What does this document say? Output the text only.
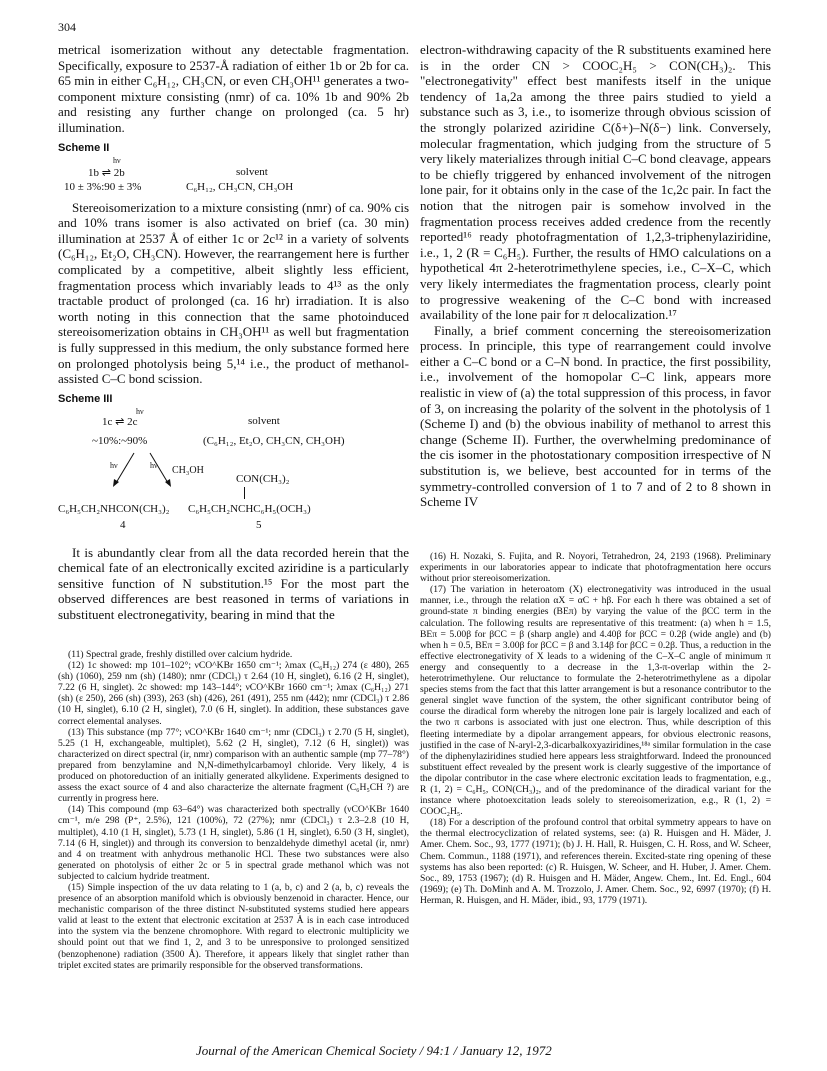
304

metrical isomerization without any detectable fragmentation. Specifically, exposure to 2537-Å radiation of either 1b or 2b for ca. 65 min in either C₆H₁₂, CH₃CN, or even CH₃OH¹¹ generates a two-component mixture consisting (nmr) of ca. 10% 1b and 90% 2b and resisting any further change on prolonged (ca. 5 hr) illumination.

Scheme II
hν
1b ⇌ 2b	solvent
10 ± 3%:90 ± 3%	C₆H₁₂, CH₃CN, CH₃OH

Stereoisomerization to a mixture consisting (nmr) of ca. 90% cis and 10% trans isomer is also activated on brief (ca. 30 min) illumination at 2537 Å of either 1c or 2c¹² in a variety of solvents (C₆H₁₂, Et₂O, CH₃CN). However, the rearrangement here is further complicated by a competitive, albeit slightly less efficient, fragmentation process which invariably leads to 4¹³ as the only tractable product of prolonged (ca. 16 hr) irradiation. It is also worth noting in this connection that the same photoinduced stereoisomerization obtains in CH₃OH¹¹ as well but fragmentation is fully suppressed in this medium, the only substance formed here on prolonged photolysis being 5,¹⁴ i.e., the product of methanol-assisted C–C bond scission.

Scheme III
hν
1c ⇌ 2c	solvent
~10%:~90%	(C₆H₁₂, Et₂O, CH₃CN, CH₃OH)
hν	hν CH₃OH
CON(CH₃)₂
C₆H₅CH₂NHCON(CH₃)₂ C₆H₅CH₂NCHC₆H₅(OCH₃)
4	5

It is abundantly clear from all the data recorded herein that the chemical fate of an electronically excited aziridine is a particularly sensitive function of N substitution.¹⁵ For the most part the observed differences are best reasoned in terms of variations in substituent electronegativity, bearing in mind that the

(11) Spectral grade, freshly distilled over calcium hydride.

(12) 1c showed: mp 101–102°; νCO^KBr 1650 cm⁻¹; λmax (C₆H₁₂) 274 (ε 480), 265 (sh) (1060), 259 nm (sh) (1480); nmr (CDCl₃) τ 2.64 (10 H, singlet), 6.16 (2 H, singlet), 7.22 (6 H, singlet). 2c showed: mp 143–144°; νCO^KBr 1660 cm⁻¹; λmax (C₆H₁₂) 271 (sh) (ε 250), 266 (sh) (393), 263 (sh) (426), 261 (491), 255 nm (442); nmr (CDCl₃) τ 2.86 (10 H, singlet), 6.10 (2 H, singlet), 7.0 (6 H, singlet). In addition, these substances gave correct elemental analyses.

(13) This substance (mp 77°; νCO^KBr 1640 cm⁻¹; nmr (CDCl₃) τ 2.70 (5 H, singlet), 5.25 (1 H, exchangeable, multiplet), 5.62 (2 H, singlet), 7.12 (6 H, singlet)) was characterized on direct spectral (ir, nmr) comparison with an authentic sample (mp 77–78°) prepared from benzylamine and N,N-dimethylcarbamoyl chloride. Very likely, 4 is produced on photoreduction of an initially generated alkylidene. Experiments designed to assess the exact source of 4 and also characterize the alternate fragment (C₆H₅CH ?) are currently in progress here.

(14) This compound (mp 63–64°) was characterized both spectrally (νCO^KBr 1640 cm⁻¹, m/e 298 (P⁺, 2.5%), 121 (100%), 72 (27%); nmr (CDCl₃) τ 2.3–2.8 (10 H, multiplet), 4.10 (1 H, singlet), 5.73 (1 H, singlet), 5.86 (1 H, singlet), 6.50 (3 H, singlet), 7.14 (6 H, singlet)) and through its conversion to benzaldehyde dimethyl acetal (ir, nmr) and 4 on treatment with anhydrous methanolic HCl. These two substances were also generated on photolysis of either 2c or 5 in spectral grade methanol which was not subjected to calcium hydride treatment.

(15) Simple inspection of the uv data relating to 1 (a, b, c) and 2 (a, b, c) reveals the presence of an absorption manifold which is obviously benzenoid in character. Hence, our mechanistic comparison of the three distinct N-substituted systems studied here appears valid at least to the extent that electronic excitation at 2537 Å is in each case introduced into the system via the benzene chromophore. With regard to electronic multiplicity we should point out that we find 1, 2, and 3 to be unresponsive to prolonged sensitized (benzophenone) radiation (3500 Å). Therefore, it appears likely that singlet rather than triplet excited states are primarily responsible for the observed transformations.

electron-withdrawing capacity of the R substituents examined here is in the order CN > COOC₂H₅ > CON(CH₃)₂. This "electronegativity" effect best manifests itself in the unique tendency of 1a,2a among the three pairs studied to yield a substance such as 3, i.e., to isomerize through obvious scission of the strongly polarized aziridine C(δ+)–N(δ−) link. Conversely, molecular fragmentation, which judging from the structure of 5 very likely materializes through initial C–C bond cleavage, appears to be chiefly triggered by enhanced involvement of the nitrogen lone pair, for it obtains only in the case of the 1c,2c pair. In fact the notion that the nitrogen pair is somehow involved in the fragmentation process receives added credence from the recently reported¹⁶ ready photofragmentation of 1,2,3-triphenylaziridine, i.e., 1, 2 (R = C₆H₅). Further, the results of HMO calculations on a hypothetical 4π 2-heterotrimethylene species, i.e., C–X–C, which very likely intermediates the fragmentation process, clearly point to progressive weakening of the C–C bond with increased availability of the lone pair for π delocalization.¹⁷

Finally, a brief comment concerning the stereoisomerization process. In principle, this type of rearrangement could involve either a C–C bond or a C–N bond. In practice, the first possibility, i.e., involvement of the homopolar C–C link, appears more realistic in view of (a) the total suppression of this process, in favor of 3, on increasing the polarity of the solvent in the photolysis of 1 (Scheme I) and (b) the obvious inability of methanol to arrest this change (Scheme II). Further, the overwhelming predominance of the cis isomer in the photostationary composition irrespective of N substitution is, we believe, best accounted for in terms of the symmetry-controlled conversion of 1 to 7 and of 2 to 8 shown in Scheme IV

(16) H. Nozaki, S. Fujita, and R. Noyori, Tetrahedron, 24, 2193 (1968). Preliminary experiments in our laboratories appear to indicate that photofragmentation here occurs without prior stereoisomerization.

(17) The variation in heteroatom (X) electronegativity was introduced in the usual manner, i.e., through the relation αX = αC + hβ. For each h there was obtained a set of ground-state π binding energies (BEπ) by varying the value of the βCC term in the calculation. The following results are representative of this treatment: (a) when h = 1.5, BEπ = 5.00β for βCC = β (sharp angle) and 4.40β for βCC = 0.2β (wide angle) and (b) when h = 0.5, BEπ = 3.00β for βCC = β and 3.14β for βCC = 0.2β. Thus, a reduction in the effective electronegativity of X leads to a widening of the C–X–C angle of minimum π energy and consequently to a decrease in the 1,3-π-overlap within the 2-heterotrimethylene. Our reluctance to formulate the 2-heterotrimethylene as a dipolar species stems from the fact that this latter arrangement is but a resonance contributor to the general singlet wave function of the system, the other significant contributor being of course the diradical form whereby the nitrogen lone pair is largely localized and each of the two π carbons is associated with just one electron. Thus, while description of this fleeting intermediate by a dipolar arrangement appears, for obvious electronic reasons, justified in the case of N-aryl-2,3-dicarbalkoxyaziridines,¹⁸ᵃ similar formulation in the case of the diphenylaziridines studied here appears less straightforward. Indeed the pronounced substituent effect revealed by the present work is clearly suggestive of the importance of the dipolar contributor in the case where electronic excitation leads to fragmentation, e.g., R (1, 2) = C₆H₅, CON(CH₃)₂, and of the predominance of the diradical variant for the instance where photoexcitation leads solely to stereoisomerization, e.g., R (1, 2) = COOC₂H₅.

(18) For a description of the profound control that orbital symmetry appears to have on the thermal electrocyclization of related systems, see: (a) R. Huisgen and H. Mäder, J. Amer. Chem. Soc., 93, 1777 (1971); (b) J. H. Hall, R. Huisgen, C. H. Ross, and W. Scheer, Chem. Commun., 1188 (1971), and references therein. Excited-state ring opening of these systems has also been reported: (c) R. Huisgen, W. Scheer, and H. Huber, J. Amer. Chem. Soc., 89, 1753 (1967); (d) R. Huisgen and H. Mäder, Angew. Chem., Int. Ed. Engl., 604 (1969); (e) Th. DoMinh and A. M. Trozzolo, J. Amer. Chem. Soc., 92, 6997 (1970); (f) H. Herman, R. Huisgen, and H. Mäder, ibid., 93, 1779 (1971).

Journal of the American Chemical Society / 94:1 / January 12, 1972
